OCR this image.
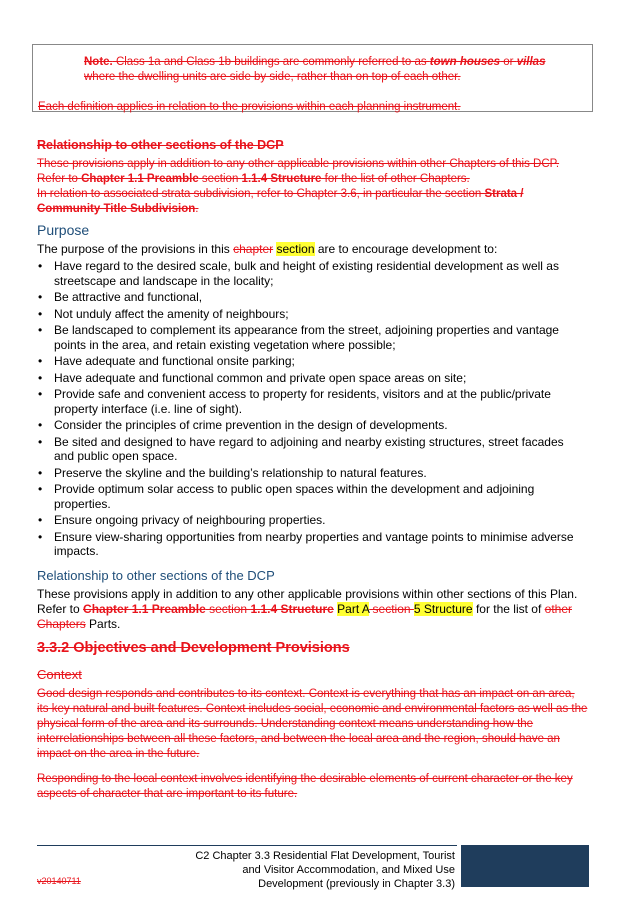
Note. Class 1a and Class 1b buildings are commonly referred to as town houses or villas
where the dwelling units are side by side, rather than on top of each other.
Each definition applies in relation to the provisions within each planning instrument.
Relationship to other sections of the DCP
These provisions apply in addition to any other applicable provisions within other Chapters of this DCP.
Refer to Chapter 1.1 Preamble section 1.1.4 Structure for the list of other Chapters.
In relation to associated strata subdivision, refer to Chapter 3.6, in particular the section Strata /
Community Title Subdivision.
Purpose
The purpose of the provisions in this chapter section are to encourage development to:
• Have regard to the desired scale, bulk and height of existing residential development as well as streetscape and landscape in the locality;
• Be attractive and functional,
• Not unduly affect the amenity of neighbours;
• Be landscaped to complement its appearance from the street, adjoining properties and vantage points in the area, and retain existing vegetation where possible;
• Have adequate and functional onsite parking;
• Have adequate and functional common and private open space areas on site;
• Provide safe and convenient access to property for residents, visitors and at the public/private property interface (i.e. line of sight).
• Consider the principles of crime prevention in the design of developments.
• Be sited and designed to have regard to adjoining and nearby existing structures, street facades and public open space.
• Preserve the skyline and the building’s relationship to natural features.
• Provide optimum solar access to public open spaces within the development and adjoining properties.
• Ensure ongoing privacy of neighbouring properties.
• Ensure view-sharing opportunities from nearby properties and vantage points to minimise adverse impacts.
Relationship to other sections of the DCP
These provisions apply in addition to any other applicable provisions within other sections of this Plan.
Refer to Chapter 1.1 Preamble section 1.1.4 Structure Part A section 5 Structure for the list of other
Chapters Parts.
3.3.2 Objectives and Development Provisions
Context
Good design responds and contributes to its context. Context is everything that has an impact on an area, its key natural and built features. Context includes social, economic and environmental factors as well as the physical form of the area and its surrounds. Understanding context means understanding how the interrelationships between all these factors, and between the local area and the region, should have an impact on the area in the future.
Responding to the local context involves identifying the desirable elements of current character or the key aspects of character that are important to its future.
C2 Chapter 3.3 Residential Flat Development, Tourist
and Visitor Accommodation, and Mixed Use
Development (previously in Chapter 3.3)
v20140711
